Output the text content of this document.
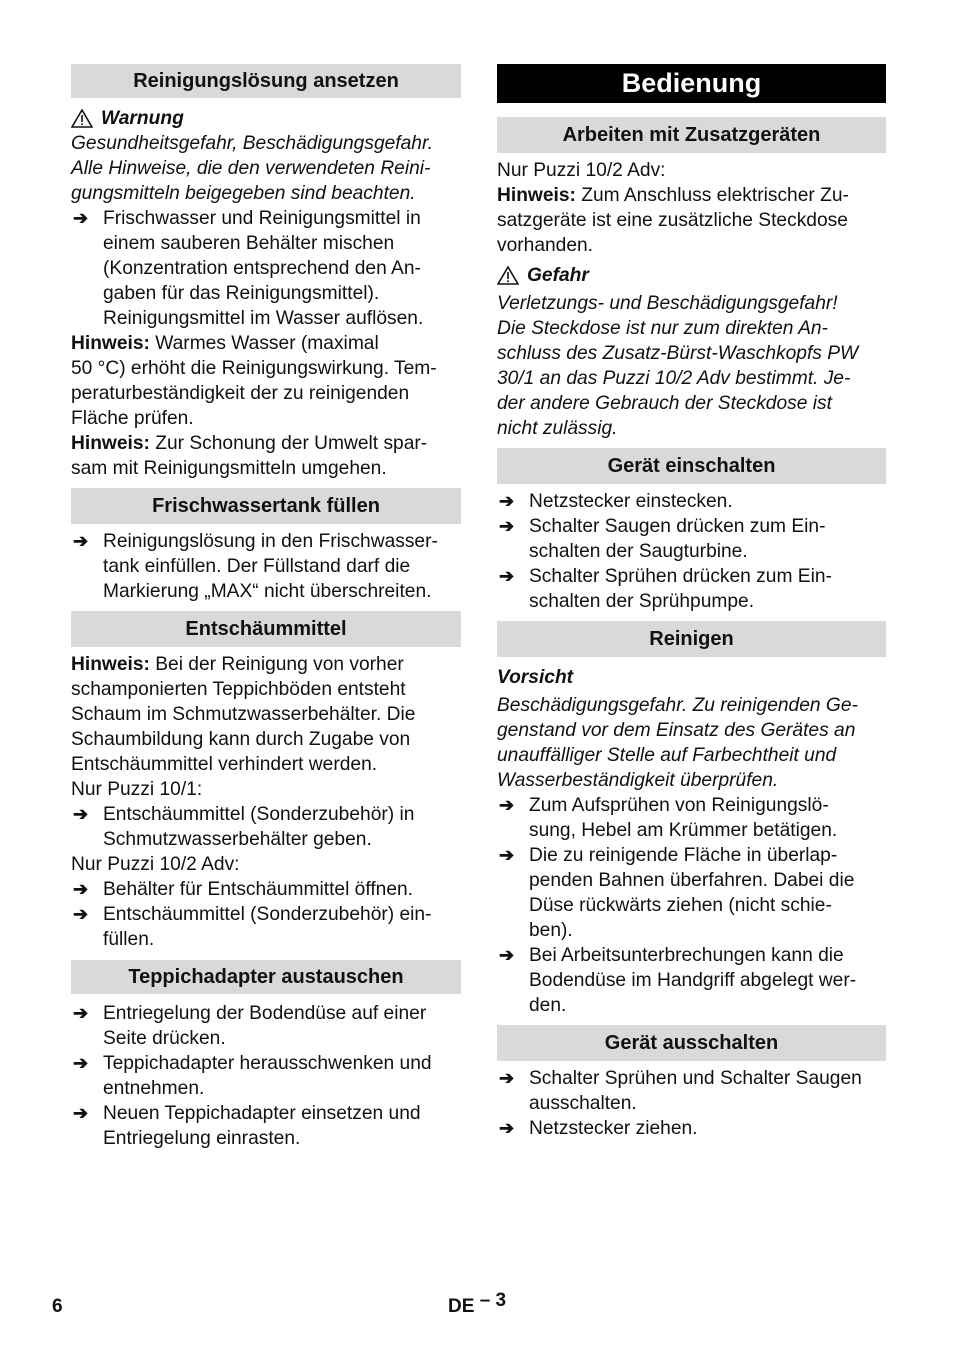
Reinigungslösung ansetzen
Warnung

Gesundheitsgefahr, Beschädigungsgefahr.
Alle Hinweise, die den verwendeten Reini-
gungsmitteln beigegeben sind beachten.

➔ Frischwasser und Reinigungsmittel in
einem sauberen Behälter mischen
(Konzentration entsprechend den An-
gaben für das Reinigungsmittel).
Reinigungsmittel im Wasser auflösen.

Hinweis: Warmes Wasser (maximal
50 °C) erhöht die Reinigungswirkung. Tem-
peraturbeständigkeit der zu reinigenden
Fläche prüfen.

Hinweis: Zur Schonung der Umwelt spar-
sam mit Reinigungsmitteln umgehen.

Frischwassertank füllen
➔ Reinigungslösung in den Frischwasser-
tank einfüllen. Der Füllstand darf die
Markierung „MAX“ nicht überschreiten.
Entschäummittel

Hinweis: Bei der Reinigung von vorher
schamponierten Teppichböden entsteht
Schaum im Schmutzwasserbehälter. Die
Schaumbildung kann durch Zugabe von
Entschäummittel verhindert werden.

Nur Puzzi 10/1:

➔ Entschäummittel (Sonderzubehör) in
Schmutzwasserbehälter geben.

Nur Puzzi 10/2 Adv:

➔ Behälter für Entschäummittel öffnen.
➔ Entschäummittel (Sonderzubehör) ein-
füllen.
Teppichadapter austauschen
➔ Entriegelung der Bodendüse auf einer
Seite drücken.
➔ Teppichadapter herausschwenken und
entnehmen.
➔ Neuen Teppichadapter einsetzen und
Entriegelung einrasten.
Bedienung
Arbeiten mit Zusatzgeräten

Nur Puzzi 10/2 Adv:

Hinweis: Zum Anschluss elektrischer Zu-
satzgeräte ist eine zusätzliche Steckdose
vorhanden.

Gefahr

Verletzungs- und Beschädigungsgefahr!
Die Steckdose ist nur zum direkten An-
schluss des Zusatz-Bürst-Waschkopfs PW
30/1 an das Puzzi 10/2 Adv bestimmt. Je-
der andere Gebrauch der Steckdose ist
nicht zulässig.

Gerät einschalten
➔ Netzstecker einstecken.
➔ Schalter Saugen drücken zum Ein-
schalten der Saugturbine.
➔ Schalter Sprühen drücken zum Ein-
schalten der Sprühpumpe.
Reinigen
Vorsicht

Beschädigungsgefahr. Zu reinigenden Ge-
genstand vor dem Einsatz des Gerätes an
unauffälliger Stelle auf Farbechtheit und
Wasserbeständigkeit überprüfen.

➔ Zum Aufsprühen von Reinigungslö-
sung, Hebel am Krümmer betätigen.
➔ Die zu reinigende Fläche in überlap-
penden Bahnen überfahren. Dabei die
Düse rückwärts ziehen (nicht schie-
ben).
➔ Bei Arbeitsunterbrechungen kann die
Bodendüse im Handgriff abgelegt wer-
den.
Gerät ausschalten
➔ Schalter Sprühen und Schalter Saugen
ausschalten.
➔ Netzstecker ziehen.
6	DE – 3
